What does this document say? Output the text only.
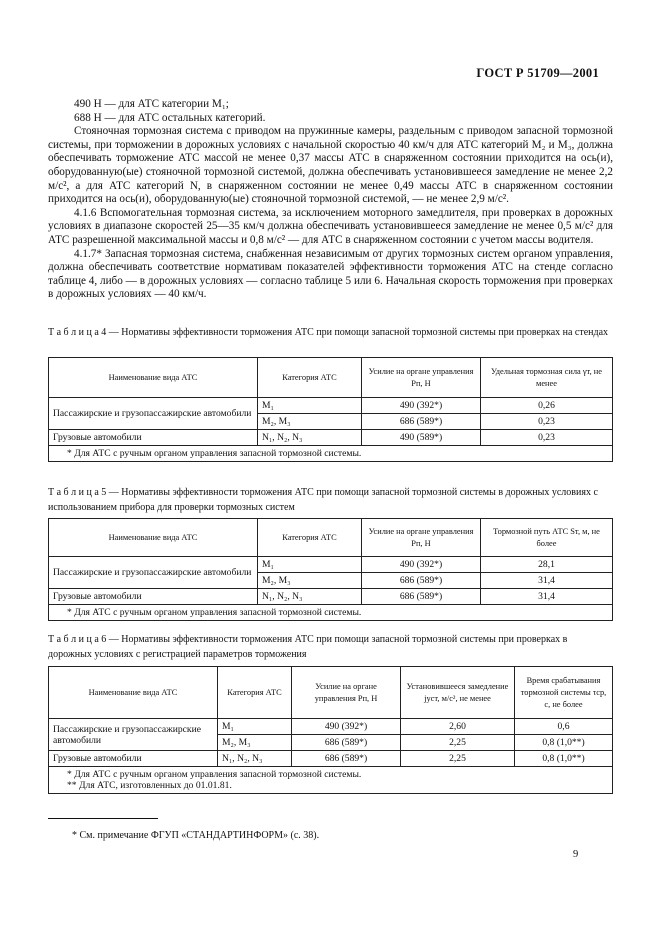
ГОСТ Р 51709—2001

490 Н — для АТС категории M₁;

688 Н — для АТС остальных категорий.

Стояночная тормозная система с приводом на пружинные камеры, раздельным с приводом запасной тормозной системы, при торможении в дорожных условиях с начальной скоростью 40 км/ч для АТС категорий M₂ и M₃, должна обеспечивать торможение АТС массой не менее 0,37 массы АТС в снаряженном состоянии приходится на ось(и), оборудованную(ые) стояночной тормозной системой, должна обеспечивать установившееся замедление не менее 2,2 м/с², а для АТС категорий N, в снаряженном состоянии не менее 0,49 массы АТС в снаряженном состоянии приходится на ось(и), оборудованную(ые) стояночной тормозной системой, — не менее 2,9 м/с².

4.1.6 Вспомогательная тормозная система, за исключением моторного замедлителя, при проверках в дорожных условиях в диапазоне скоростей 25—35 км/ч должна обеспечивать установившееся замедление не менее 0,5 м/с² для АТС разрешенной максимальной массы и 0,8 м/с² — для АТС в снаряженном состоянии с учетом массы водителя.

4.1.7* Запасная тормозная система, снабженная независимым от других тормозных систем органом управления, должна обеспечивать соответствие нормативам показателей эффективности торможения АТС на стенде согласно таблице 4, либо — в дорожных условиях — согласно таблице 5 или 6. Начальная скорость торможения при проверках в дорожных условиях — 40 км/ч.

Т а б л и ц а 4 — Нормативы эффективности торможения АТС при помощи запасной тормозной системы при проверках на стендах
Наименование вида АТС	Категория АТС	Усилие на органе управления Pп, Н	Удельная тормозная сила γт, не менее
Пассажирские и грузопассажирские автомобили	M₁	490 (392*)	0,26
	M₂, M₃	686 (589*)	0,23
Грузовые автомобили	N₁, N₂, N₃	490 (589*)	0,23
* Для АТС с ручным органом управления запасной тормозной системы.			
Т а б л и ц а 5 — Нормативы эффективности торможения АТС при помощи запасной тормозной системы в дорожных условиях с использованием прибора для проверки тормозных систем
Наименование вида АТС	Категория АТС	Усилие на органе управления Pп, Н	Тормозной путь АТС Sт, м, не более
Пассажирские и грузопассажирские автомобили	M₁	490 (392*)	28,1
	M₂, M₃	686 (589*)	31,4
Грузовые автомобили	N₁, N₂, N₃	686 (589*)	31,4
* Для АТС с ручным органом управления запасной тормозной системы.			
Т а б л и ц а 6 — Нормативы эффективности торможения АТС при помощи запасной тормозной системы при проверках в дорожных условиях с регистрацией параметров торможения
Наименование вида АТС	Категория АТС	Усилие на органе управления Pп, Н	Установившееся замедление jуст, м/с², не менее	Время срабатывания тормозной системы τср, с, не более
Пассажирские и грузопассажирские автомобили	M₁	490 (392*)	2,60	0,6
	M₂, M₃	686 (589*)	2,25	0,8 (1,0**)
Грузовые автомобили	N₁, N₂, N₃	686 (589*)	2,25	0,8 (1,0**)

* Для АТС с ручным органом управления запасной тормозной системы.
** Для АТС, изготовленных до 01.01.81.				
* См. примечание ФГУП «СТАНДАРТИНФОРМ» (с. 38).
9
